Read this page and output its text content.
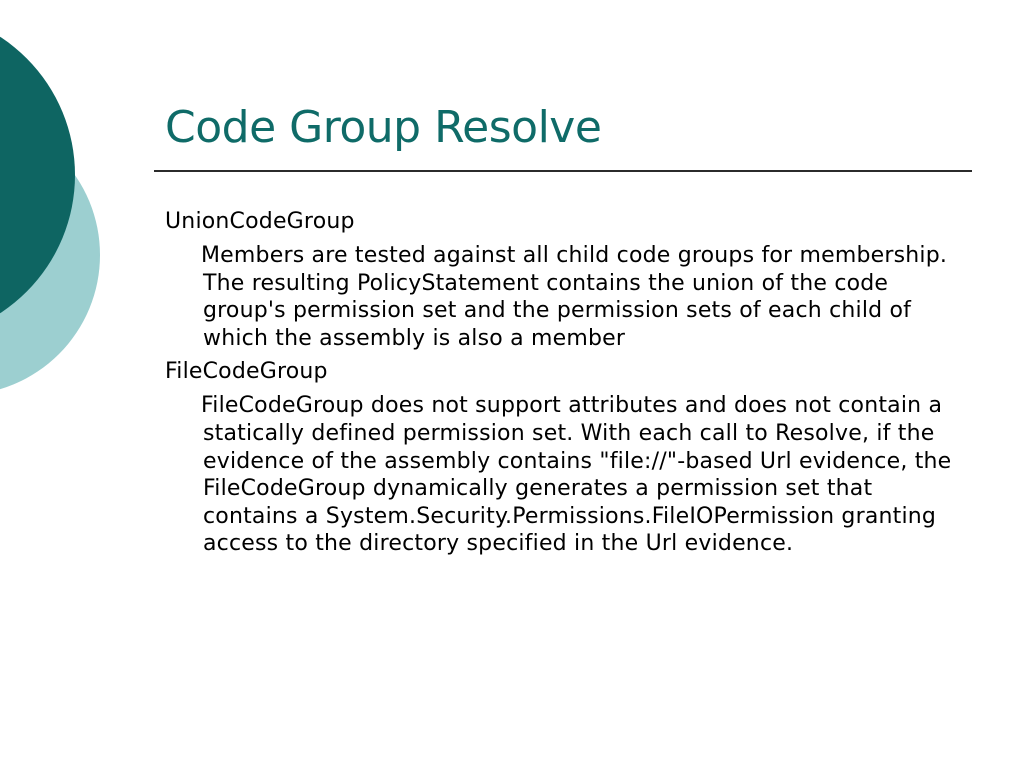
Code Group Resolve
UnionCodeGroup
Members are tested against all child code groups for membership. The resulting PolicyStatement contains the union of the code group's permission set and the permission sets of each child of which the assembly is also a member
FileCodeGroup
FileCodeGroup does not support attributes and does not contain a statically defined permission set. With each call to Resolve, if the evidence of the assembly contains "file://"-based Url evidence, the FileCodeGroup dynamically generates a permission set that contains a System.Security.Permissions.FileIOPermission granting access to the directory specified in the Url evidence.
